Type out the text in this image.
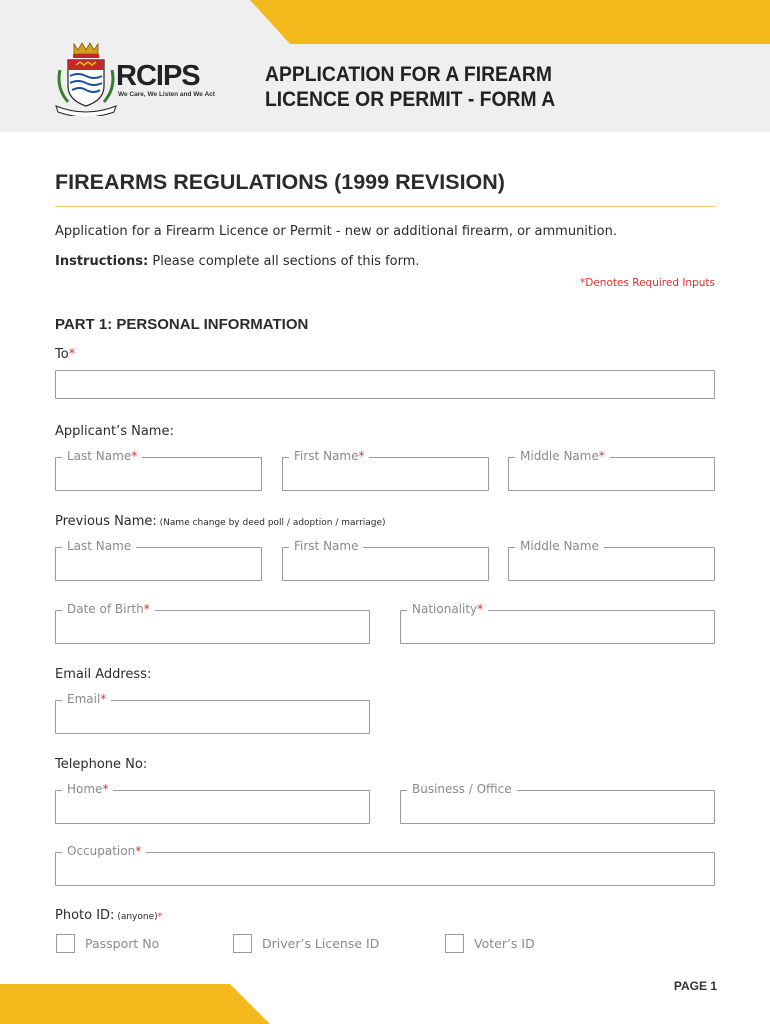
RCIPS
We Care, We Listen and We Act
APPLICATION FOR A FIREARM
LICENCE OR PERMIT - FORM A
FIREARMS REGULATIONS (1999 REVISION)
Application for a Firearm Licence or Permit - new or additional firearm, or ammunition.
Instructions: Please complete all sections of this form.
*Denotes Required Inputs
PART 1: PERSONAL INFORMATION
To*
Applicant’s Name:
Last Name*	First Name*	Middle Name*
Previous Name: (Name change by deed poll / adoption / marriage)
Last Name	First Name	Middle Name
Date of Birth*	Nationality*
Email Address:
Email*
Telephone No:
Home*	Business / Office
Occupation*
Photo ID: (anyone)*
Passport No	Driver’s License ID	Voter’s ID
PAGE 1
